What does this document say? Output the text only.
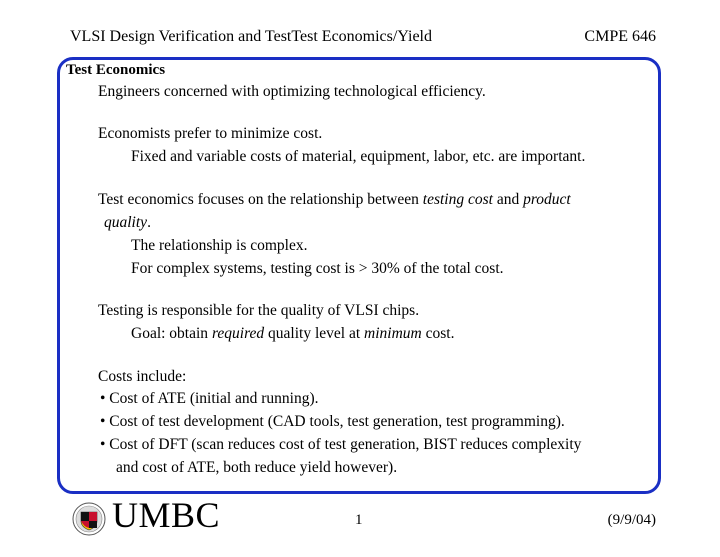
VLSI Design Verification and TestTest Economics/Yield	CMPE 646
Test Economics
Engineers concerned with optimizing technological efficiency.
Economists prefer to minimize cost.
Fixed and variable costs of material, equipment, labor, etc. are important.
Test economics focuses on the relationship between testing cost and product
quality.
The relationship is complex.
For complex systems, testing cost is > 30% of the total cost.
Testing is responsible for the quality of VLSI chips.
Goal: obtain required quality level at minimum cost.
Costs include:
• Cost of ATE (initial and running).
• Cost of test development (CAD tools, test generation, test programming).
• Cost of DFT (scan reduces cost of test generation, BIST reduces complexity
and cost of ATE, both reduce yield however).
UMBC	1	(9/9/04)
